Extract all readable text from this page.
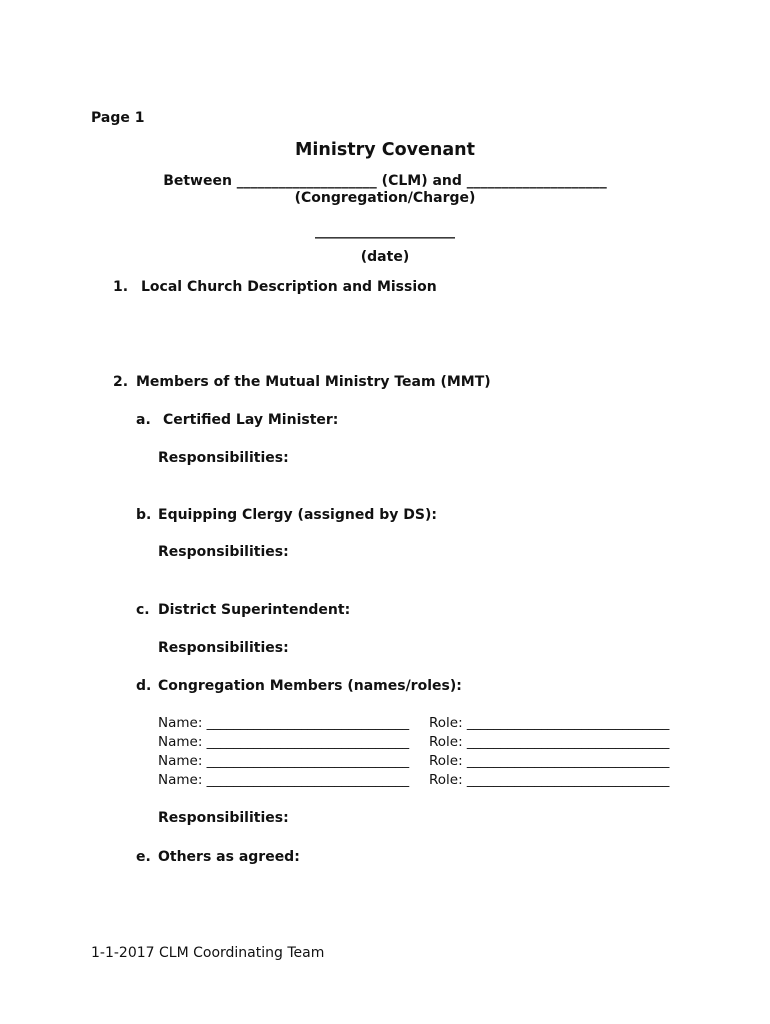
Page 1
Ministry Covenant
Between ____________________ (CLM) and ____________________
(Congregation/Charge)
____________________
(date)
1. Local Church Description and Mission
2. Members of the Mutual Ministry Team (MMT)
a. Certified Lay Minister:
Responsibilities:
b. Equipping Clergy (assigned by DS):
Responsibilities:
c. District Superintendent:
Responsibilities:
d. Congregation Members (names/roles):
Name: ______________________________ Role: ______________________________
Name: ______________________________ Role: ______________________________
Name: ______________________________ Role: ______________________________
Name: ______________________________ Role: ______________________________
Responsibilities:
e. Others as agreed:
1-1-2017 CLM Coordinating Team
